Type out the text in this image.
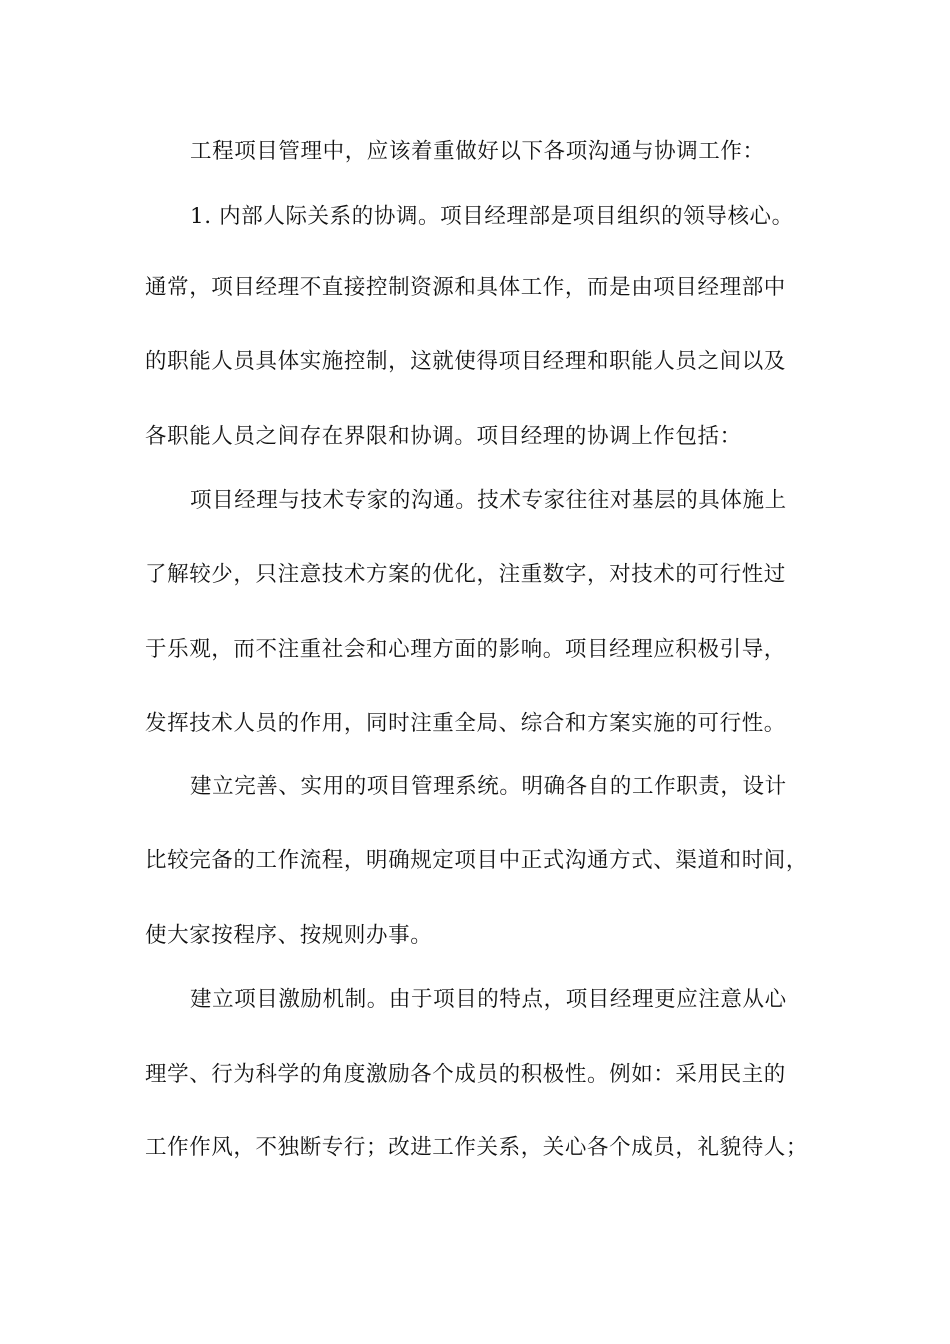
工程项目管理中，应该着重做好以下各项沟通与协调工作：
1. 内部人际关系的协调。项目经理部是项目组织的领导核心。
通常，项目经理不直接控制资源和具体工作，而是由项目经理部中
的职能人员具体实施控制，这就使得项目经理和职能人员之间以及
各职能人员之间存在界限和协调。项目经理的协调上作包括：
项目经理与技术专家的沟通。技术专家往往对基层的具体施上
了解较少，只注意技术方案的优化，注重数字，对技术的可行性过
于乐观，而不注重社会和心理方面的影响。项目经理应积极引导，
发挥技术人员的作用，同时注重全局、综合和方案实施的可行性。
建立完善、实用的项目管理系统。明确各自的工作职责，设计
比较完备的工作流程，明确规定项目中正式沟通方式、渠道和时间，
使大家按程序、按规则办事。
建立项目激励机制。由于项目的特点，项目经理更应注意从心
理学、行为科学的角度激励各个成员的积极性。例如：采用民主的
工作作风，不独断专行；改进工作关系，关心各个成员，礼貌待人；
